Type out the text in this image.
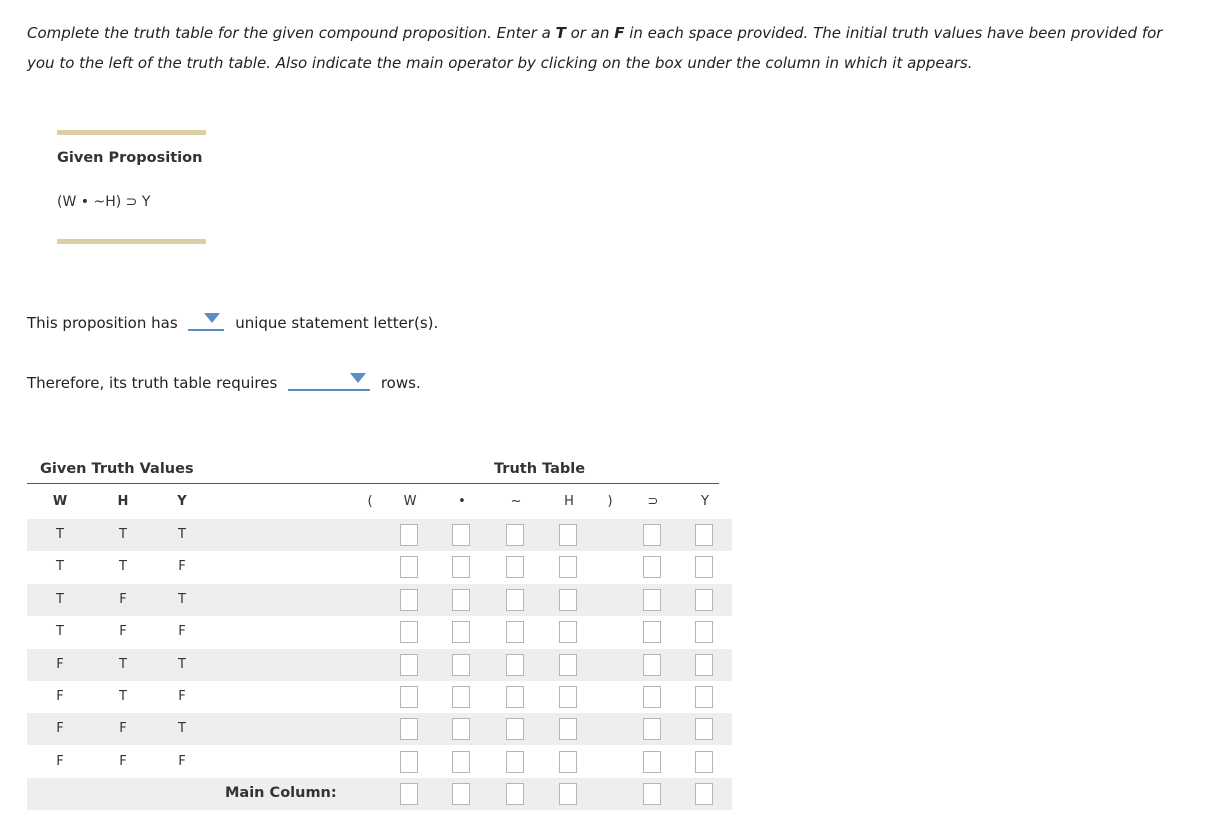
Complete the truth table for the given compound proposition. Enter a T or an F in each space provided. The initial truth values have been provided for you to the left of the truth table. Also indicate the main operator by clicking on the box under the column in which it appears.
Given Proposition
(W • ~H) ⊃ Y
This proposition has	unique statement letter(s).
Therefore, its truth table requires	rows.
Given Truth Values	Truth Table
W	H	Y	(	W	•	~	H	)	⊃	Y
T	T	T
T	T	F
T	F	T
T	F	F
F	T	T
F	T	F
F	F	T
F	F	F
Main Column:
